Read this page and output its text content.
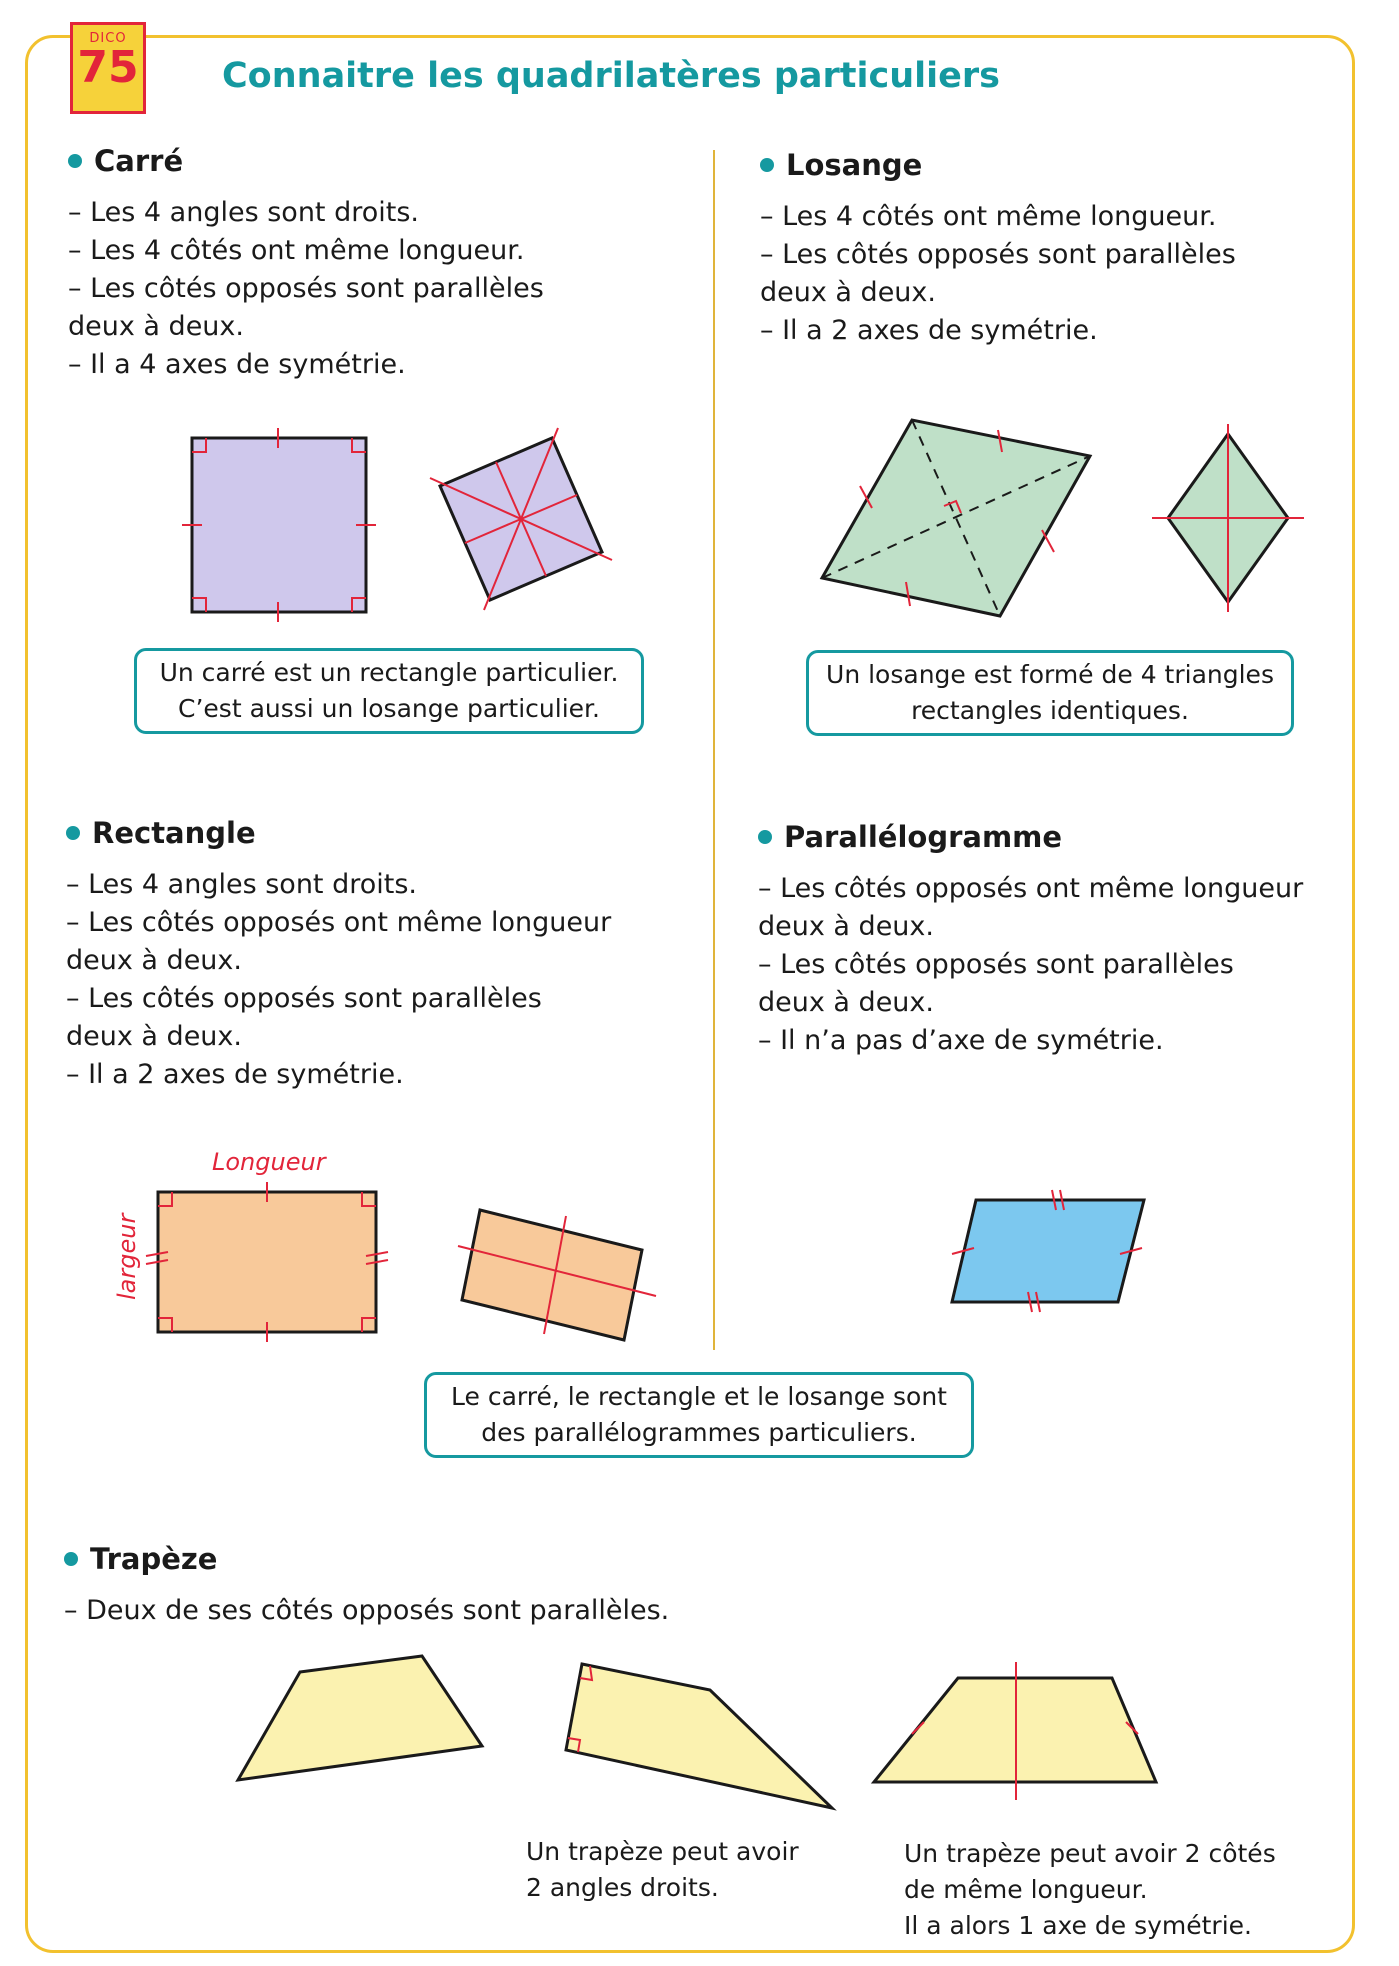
DICO
75 Connaitre les quadrilatères particuliers
Carré

– Les 4 angles sont droits.
– Les 4 côtés ont même longueur.
– Les côtés opposés sont parallèles
deux à deux.
– Il a 4 axes de symétrie.

Un carré est un rectangle particulier.
C’est aussi un losange particulier.
Losange

– Les 4 côtés ont même longueur.
– Les côtés opposés sont parallèles
deux à deux.
– Il a 2 axes de symétrie.

Un losange est formé de 4 triangles
rectangles identiques.
Rectangle

– Les 4 angles sont droits.
– Les côtés opposés ont même longueur
deux à deux.
– Les côtés opposés sont parallèles
deux à deux.
– Il a 2 axes de symétrie.

Parallélogramme

– Les côtés opposés ont même longueur
deux à deux.
– Les côtés opposés sont parallèles
deux à deux.
– Il n’a pas d’axe de symétrie.

Le carré, le rectangle et le losange sont
des parallélogrammes particuliers.
Trapèze

– Deux de ses côtés opposés sont parallèles.

Un trapèze peut avoir
2 angles droits.
Un trapèze peut avoir 2 côtés
de même longueur.
Il a alors 1 axe de symétrie.
Longueur
largeur
